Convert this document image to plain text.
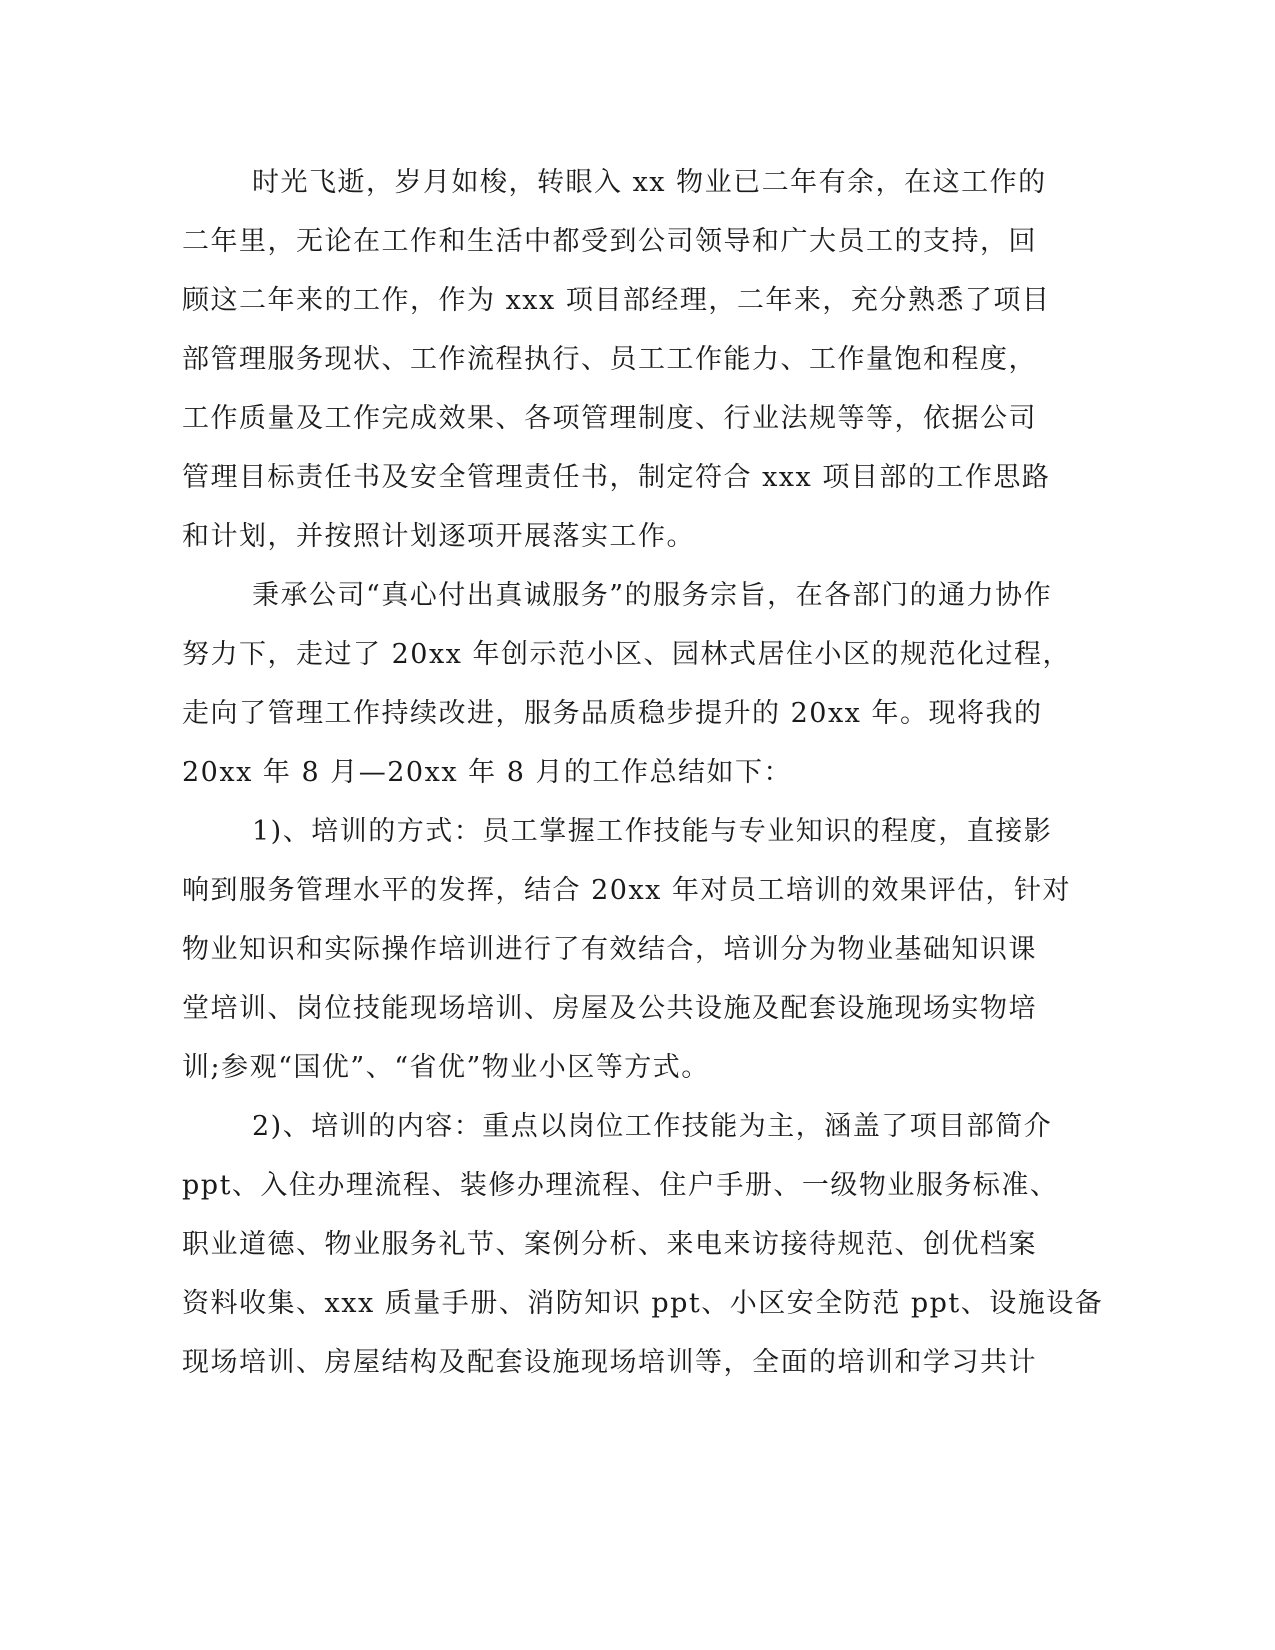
时光飞逝，岁月如梭，转眼入 xx 物业已二年有余，在这工作的
二年里，无论在工作和生活中都受到公司领导和广大员工的支持，回
顾这二年来的工作，作为 xxx 项目部经理，二年来，充分熟悉了项目
部管理服务现状、工作流程执行、员工工作能力、工作量饱和程度，
工作质量及工作完成效果、各项管理制度、行业法规等等，依据公司
管理目标责任书及安全管理责任书，制定符合 xxx 项目部的工作思路
和计划，并按照计划逐项开展落实工作。
秉承公司“真心付出真诚服务”的服务宗旨，在各部门的通力协作
努力下，走过了 20xx 年创示范小区、园林式居住小区的规范化过程，
走向了管理工作持续改进，服务品质稳步提升的 20xx 年。现将我的
20xx 年 8 月—20xx 年 8 月的工作总结如下：
1)、培训的方式：员工掌握工作技能与专业知识的程度，直接影
响到服务管理水平的发挥，结合 20xx 年对员工培训的效果评估，针对
物业知识和实际操作培训进行了有效结合，培训分为物业基础知识课
堂培训、岗位技能现场培训、房屋及公共设施及配套设施现场实物培
训;参观“国优”、“省优”物业小区等方式。
2)、培训的内容：重点以岗位工作技能为主，涵盖了项目部简介
ppt、入住办理流程、装修办理流程、住户手册、一级物业服务标准、
职业道德、物业服务礼节、案例分析、来电来访接待规范、创优档案
资料收集、xxx 质量手册、消防知识 ppt、小区安全防范 ppt、设施设备
现场培训、房屋结构及配套设施现场培训等，全面的培训和学习共计
